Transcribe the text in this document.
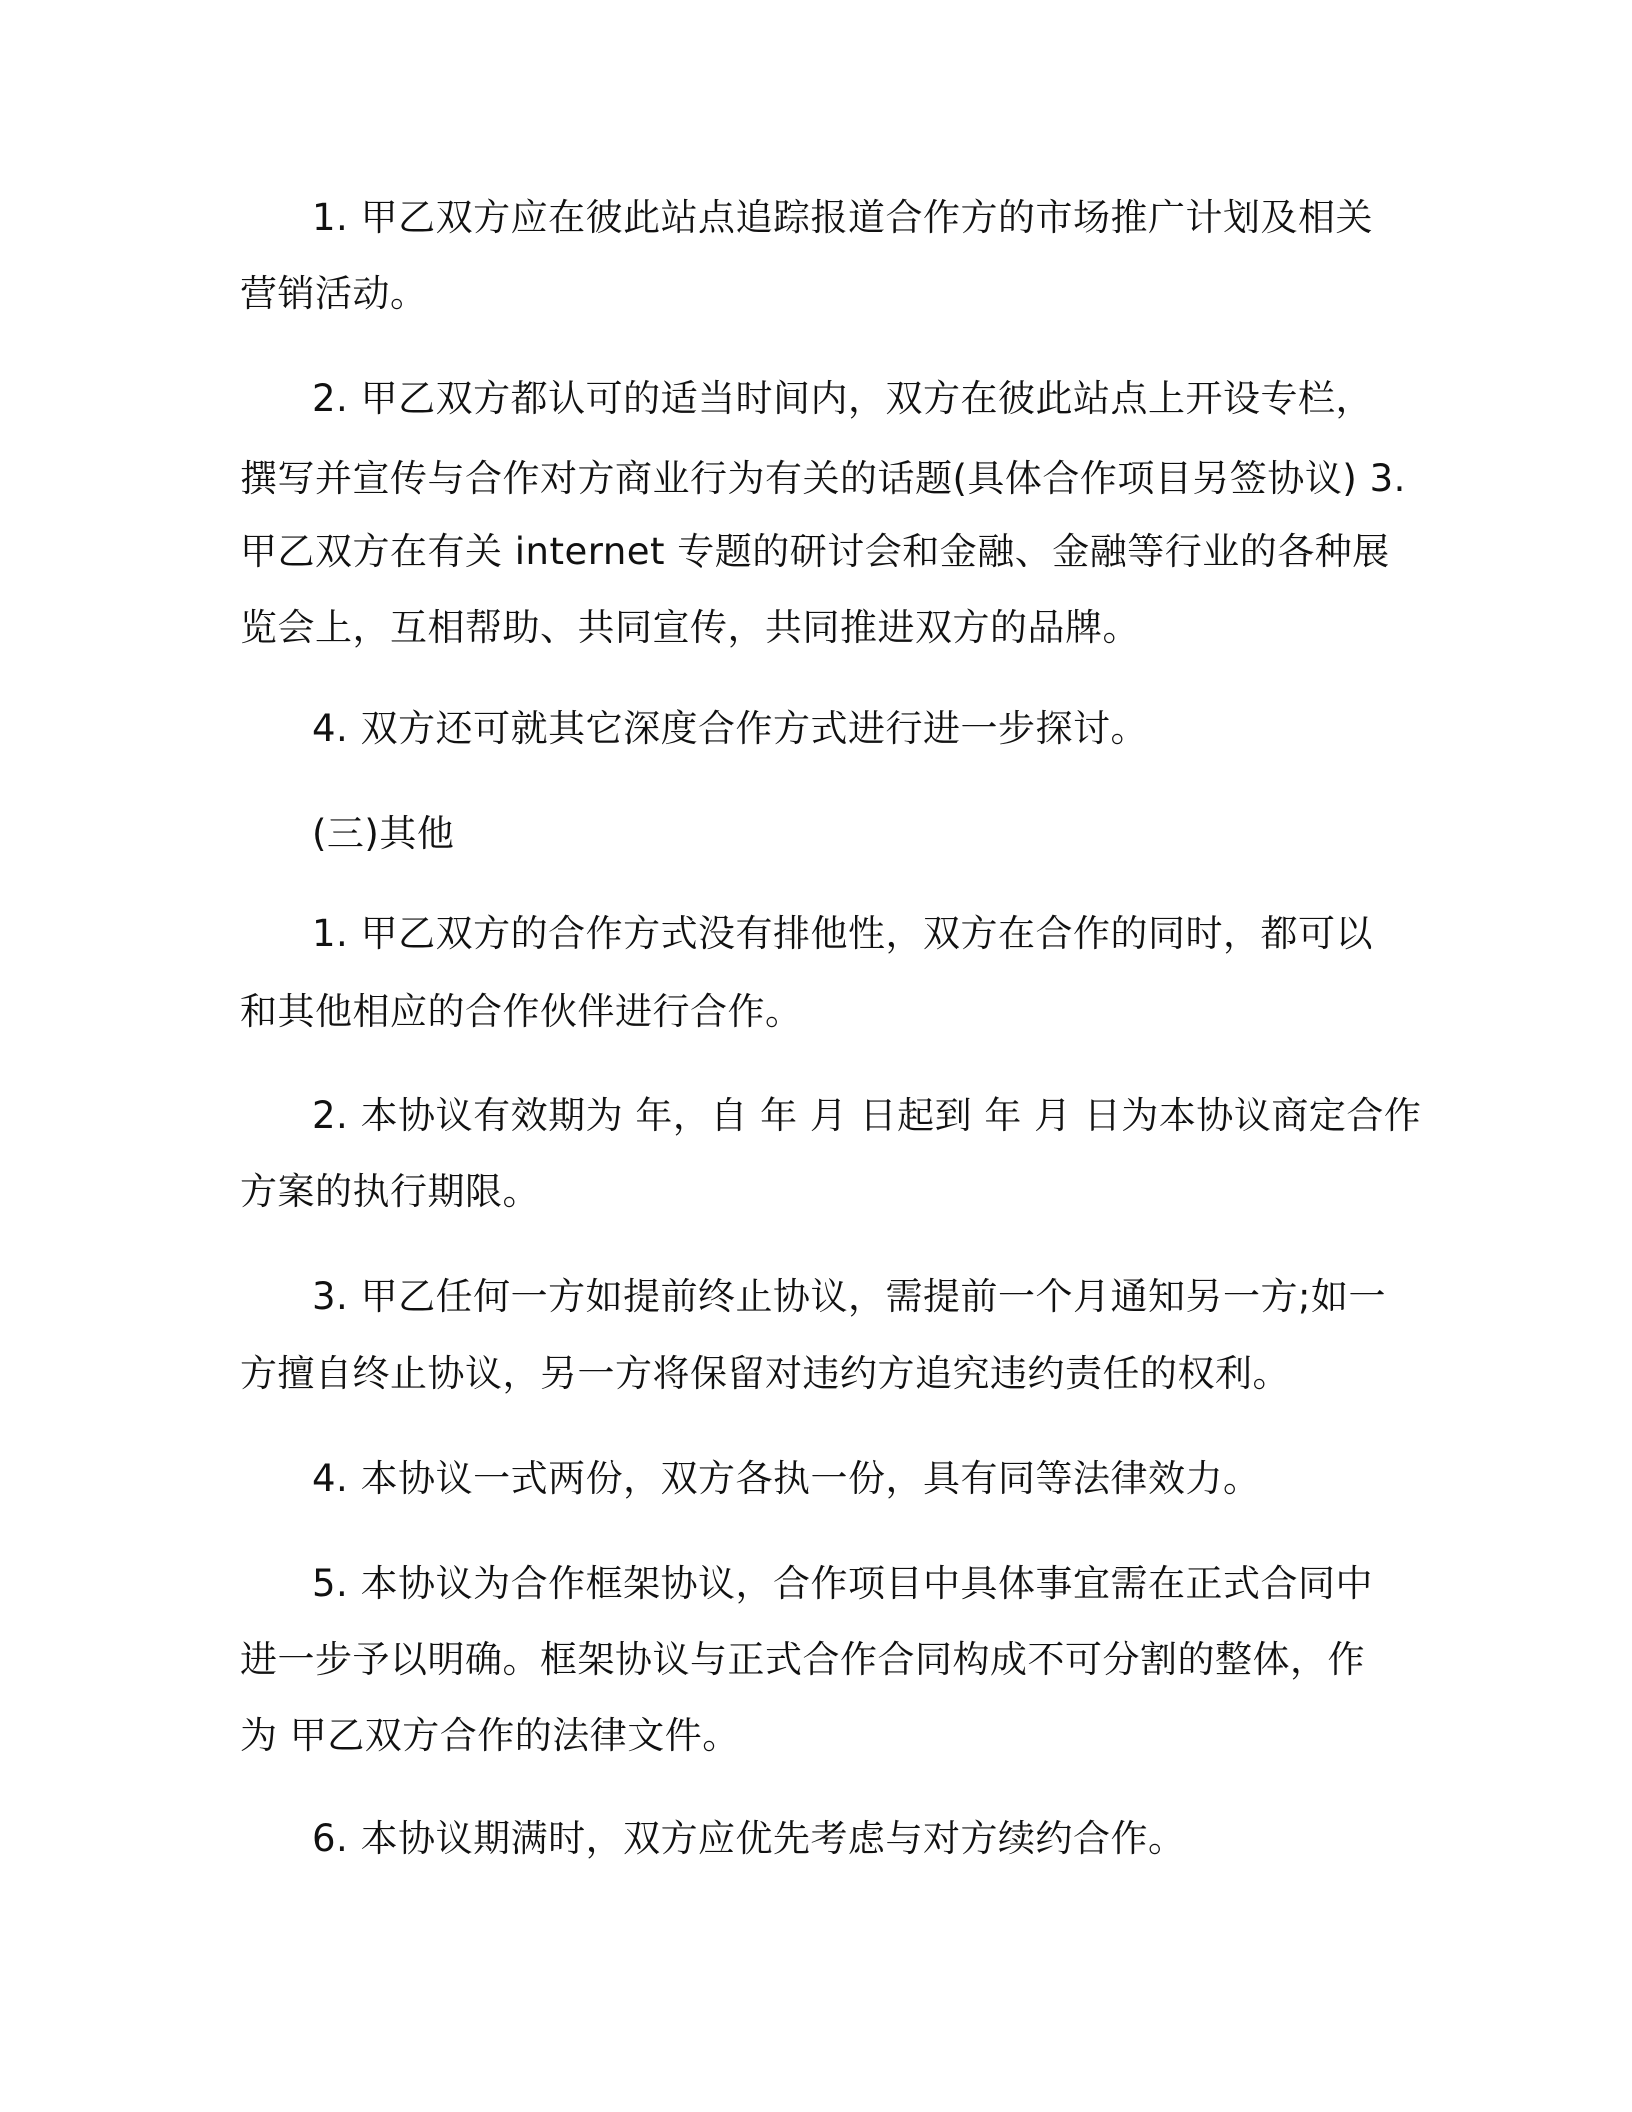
1. 甲乙双方应在彼此站点追踪报道合作方的市场推广计划及相关
营销活动。
2. 甲乙双方都认可的适当时间内，双方在彼此站点上开设专栏，
撰写并宣传与合作对方商业行为有关的话题(具体合作项目另签协议) 3.
甲乙双方在有关 internet 专题的研讨会和金融、金融等行业的各种展
览会上，互相帮助、共同宣传，共同推进双方的品牌。
4. 双方还可就其它深度合作方式进行进一步探讨。
(三)其他
1. 甲乙双方的合作方式没有排他性，双方在合作的同时，都可以
和其他相应的合作伙伴进行合作。
2. 本协议有效期为 年，自 年 月 日起到 年 月 日为本协议商定合作
方案的执行期限。
3. 甲乙任何一方如提前终止协议，需提前一个月通知另一方;如一
方擅自终止协议，另一方将保留对违约方追究违约责任的权利。
4. 本协议一式两份，双方各执一份，具有同等法律效力。
5. 本协议为合作框架协议，合作项目中具体事宜需在正式合同中
进一步予以明确。框架协议与正式合作合同构成不可分割的整体，作
为 甲乙双方合作的法律文件。
6. 本协议期满时，双方应优先考虑与对方续约合作。
